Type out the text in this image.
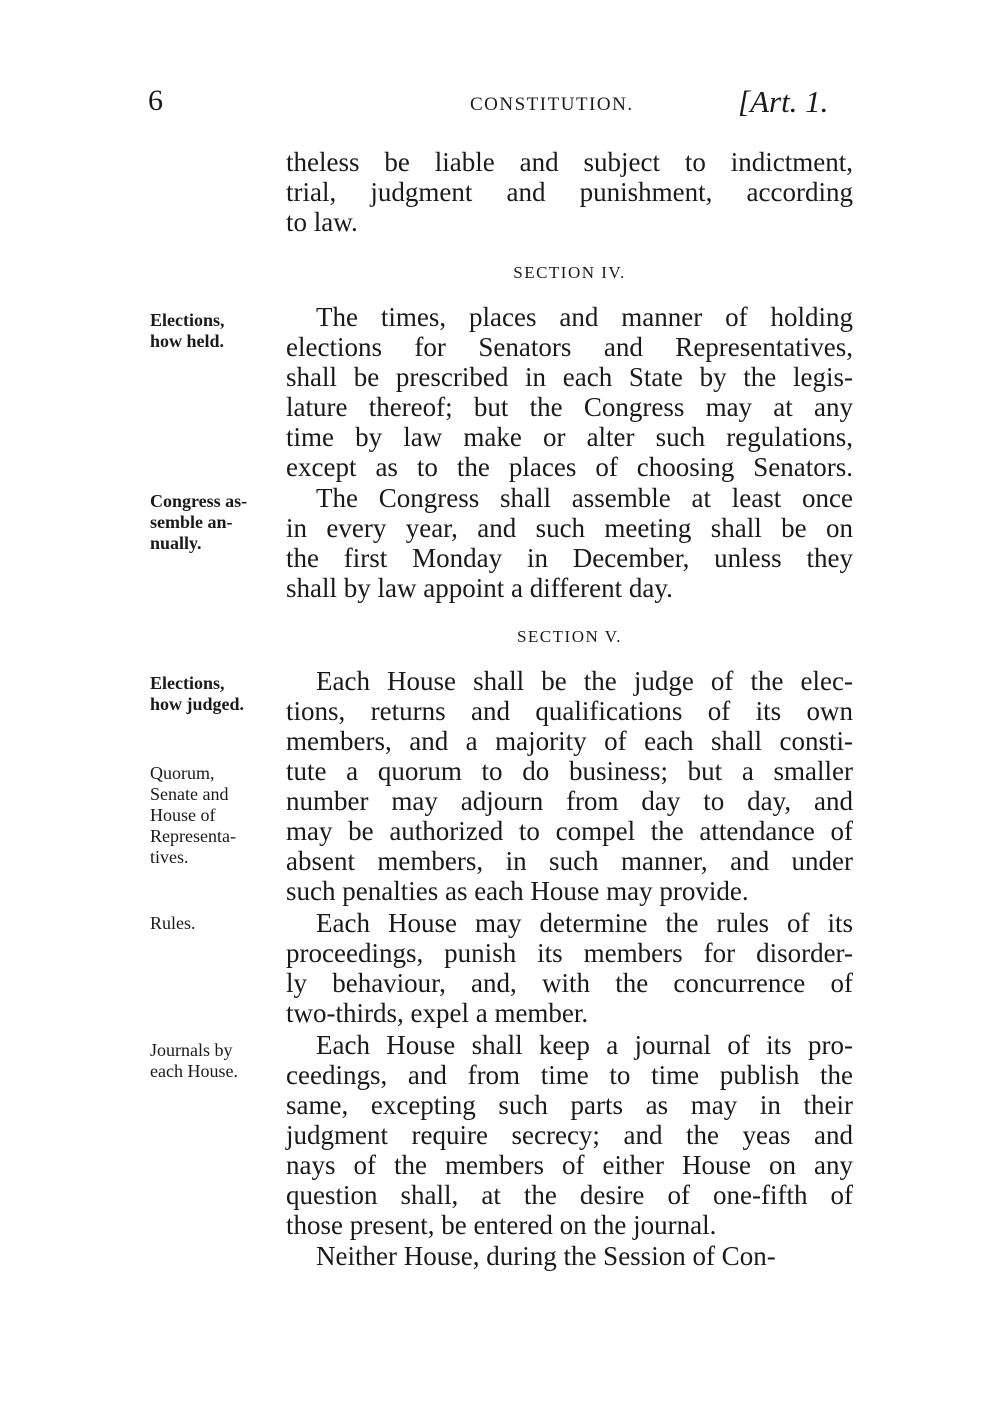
6	CONSTITUTION.	[Art. 1.
theless be liable and subject to indictment,
trial, judgment and punishment, according
to law.
SECTION IV.
The times, places and manner of holding
elections for Senators and Representatives,
shall be prescribed in each State by the legis-
lature thereof; but the Congress may at any
time by law make or alter such regulations,
except as to the places of choosing Senators.
The Congress shall assemble at least once
in every year, and such meeting shall be on
the first Monday in December, unless they
shall by law appoint a different day.
SECTION V.
Each House shall be the judge of the elec-
tions, returns and qualifications of its own
members, and a majority of each shall consti-
tute a quorum to do business; but a smaller
number may adjourn from day to day, and
may be authorized to compel the attendance of
absent members, in such manner, and under
such penalties as each House may provide.
Each House may determine the rules of its
proceedings, punish its members for disorder-
ly behaviour, and, with the concurrence of
two-thirds, expel a member.
Each House shall keep a journal of its pro-
ceedings, and from time to time publish the
same, excepting such parts as may in their
judgment require secrecy; and the yeas and
nays of the members of either House on any
question shall, at the desire of one-fifth of
those present, be entered on the journal.
Neither House, during the Session of Con-
Elections,
how held.
Congress as-
semble an-
nually.
Elections,
how judged.
Quorum,
Senate and
House of
Representa-
tives.
Rules.
Journals by
each House.
